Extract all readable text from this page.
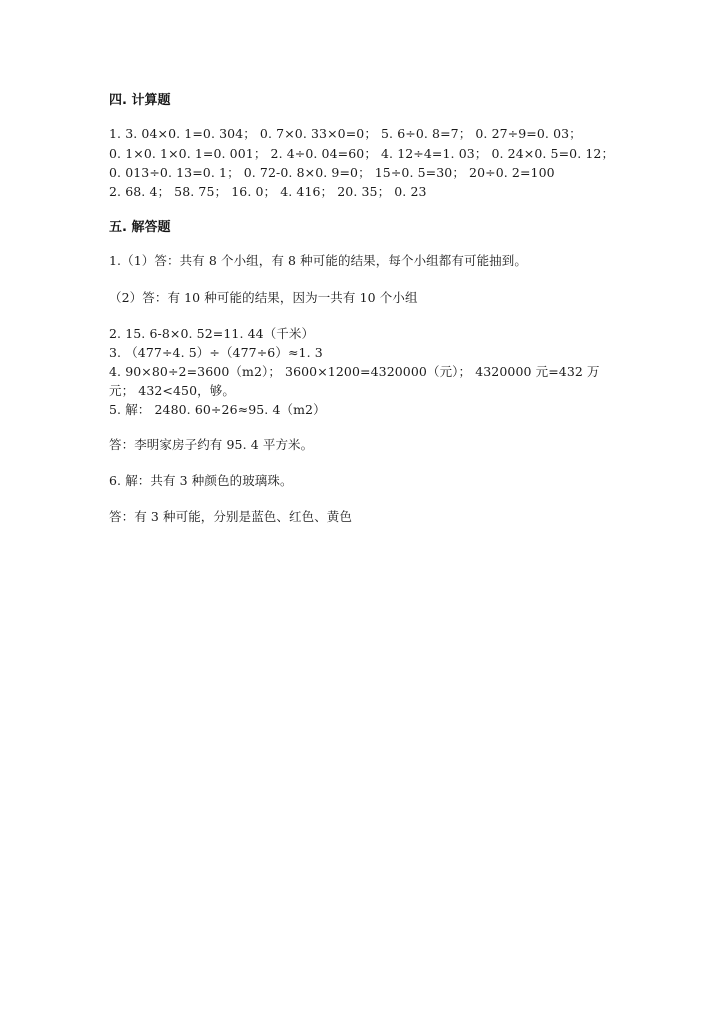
四. 计算题
1. 3. 04×0. 1=0. 304； 0. 7×0. 33×0=0； 5. 6÷0. 8=7； 0. 27÷9=0. 03；
0. 1×0. 1×0. 1=0. 001； 2. 4÷0. 04=60； 4. 12÷4=1. 03； 0. 24×0. 5=0. 12；
0. 013÷0. 13=0. 1； 0. 72-0. 8×0. 9=0； 15÷0. 5=30； 20÷0. 2=100
2. 68. 4； 58. 75； 16. 0； 4. 416； 20. 35； 0. 23
五. 解答题
1.（1）答：共有 8 个小组，有 8 种可能的结果，每个小组都有可能抽到。
（2）答：有 10 种可能的结果，因为一共有 10 个小组
2. 15. 6-8×0. 52=11. 44（千米）
3. （477÷4. 5）÷（477÷6）≈1. 3
4. 90×80÷2=3600（m2）； 3600×1200=4320000（元）； 4320000 元=432 万
元； 432<450，够。
5. 解： 2480. 60÷26≈95. 4（m2）
答：李明家房子约有 95. 4 平方米。
6. 解：共有 3 种颜色的玻璃珠。
答：有 3 种可能，分别是蓝色、红色、黄色
